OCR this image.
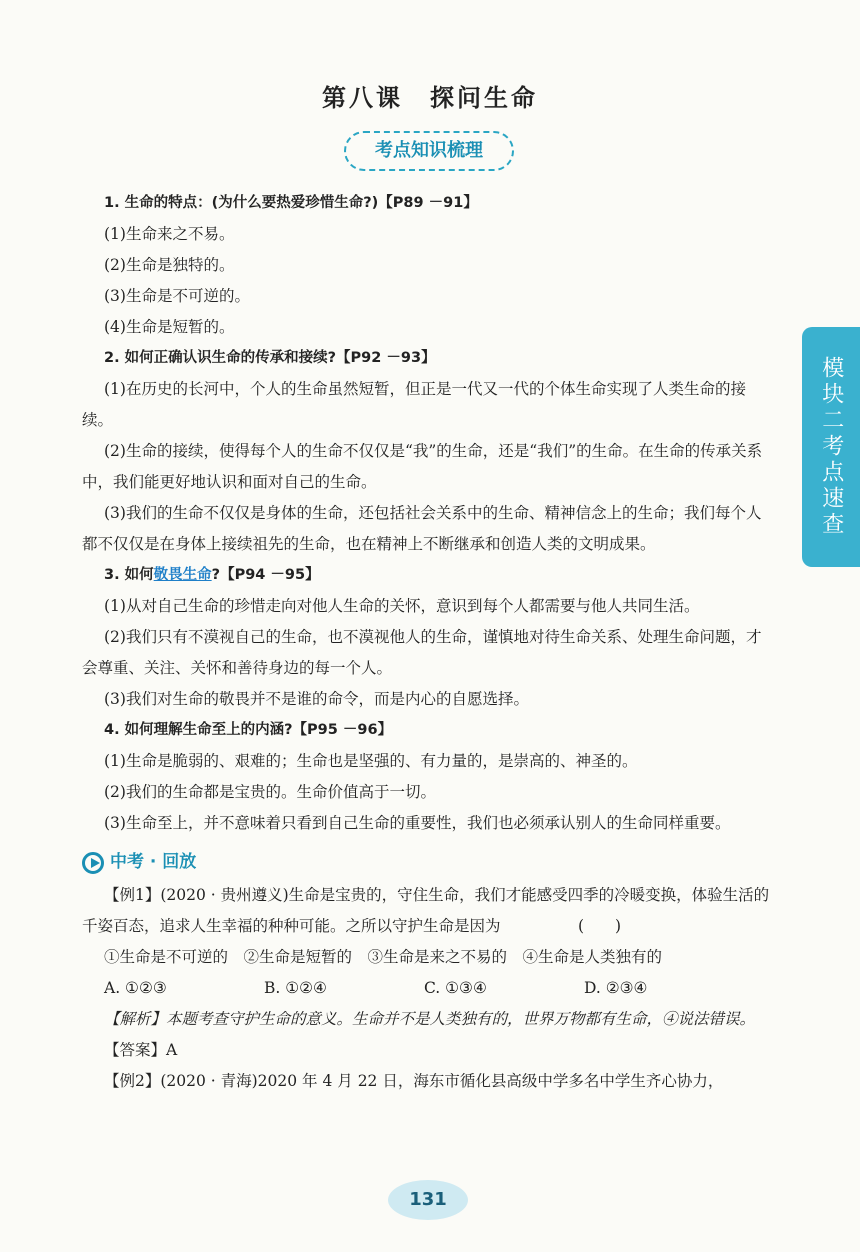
第八课　探问生命
考点知识梳理
模块二
考点速查

1. 生命的特点：(为什么要热爱珍惜生命?)【P89 －91】

(1)生命来之不易。

(2)生命是独特的。

(3)生命是不可逆的。

(4)生命是短暂的。

2. 如何正确认识生命的传承和接续?【P92 －93】

(1)在历史的长河中，个人的生命虽然短暂，但正是一代又一代的个体生命实现了人类生命的接续。

(2)生命的接续，使得每个人的生命不仅仅是“我”的生命，还是“我们”的生命。在生命的传承关系中，我们能更好地认识和面对自己的生命。

(3)我们的生命不仅仅是身体的生命，还包括社会关系中的生命、精神信念上的生命；我们每个人都不仅仅是在身体上接续祖先的生命，也在精神上不断继承和创造人类的文明成果。

3. 如何敬畏生命?【P94 －95】

(1)从对自己生命的珍惜走向对他人生命的关怀，意识到每个人都需要与他人共同生活。

(2)我们只有不漠视自己的生命，也不漠视他人的生命，谨慎地对待生命关系、处理生命问题，才会尊重、关注、关怀和善待身边的每一个人。

(3)我们对生命的敬畏并不是谁的命令，而是内心的自愿选择。

4. 如何理解生命至上的内涵?【P95 －96】

(1)生命是脆弱的、艰难的；生命也是坚强的、有力量的，是崇高的、神圣的。

(2)我们的生命都是宝贵的。生命价值高于一切。

(3)生命至上，并不意味着只看到自己生命的重要性，我们也必须承认别人的生命同样重要。

中考 · 回放

【例1】(2020 · 贵州遵义)生命是宝贵的，守住生命，我们才能感受四季的冷暖变换，体验生活的千姿百态，追求人生幸福的种种可能。之所以守护生命是因为　　　　　(　　)

①生命是不可逆的　②生命是短暂的　③生命是来之不易的　④生命是人类独有的

A. ①②③	B. ①②④	C. ①③④	D. ②③④

【解析】本题考查守护生命的意义。生命并不是人类独有的，世界万物都有生命，④说法错误。

【答案】A

【例2】(2020 · 青海)2020 年 4 月 22 日，海东市循化县高级中学多名中学生齐心协力，

131
